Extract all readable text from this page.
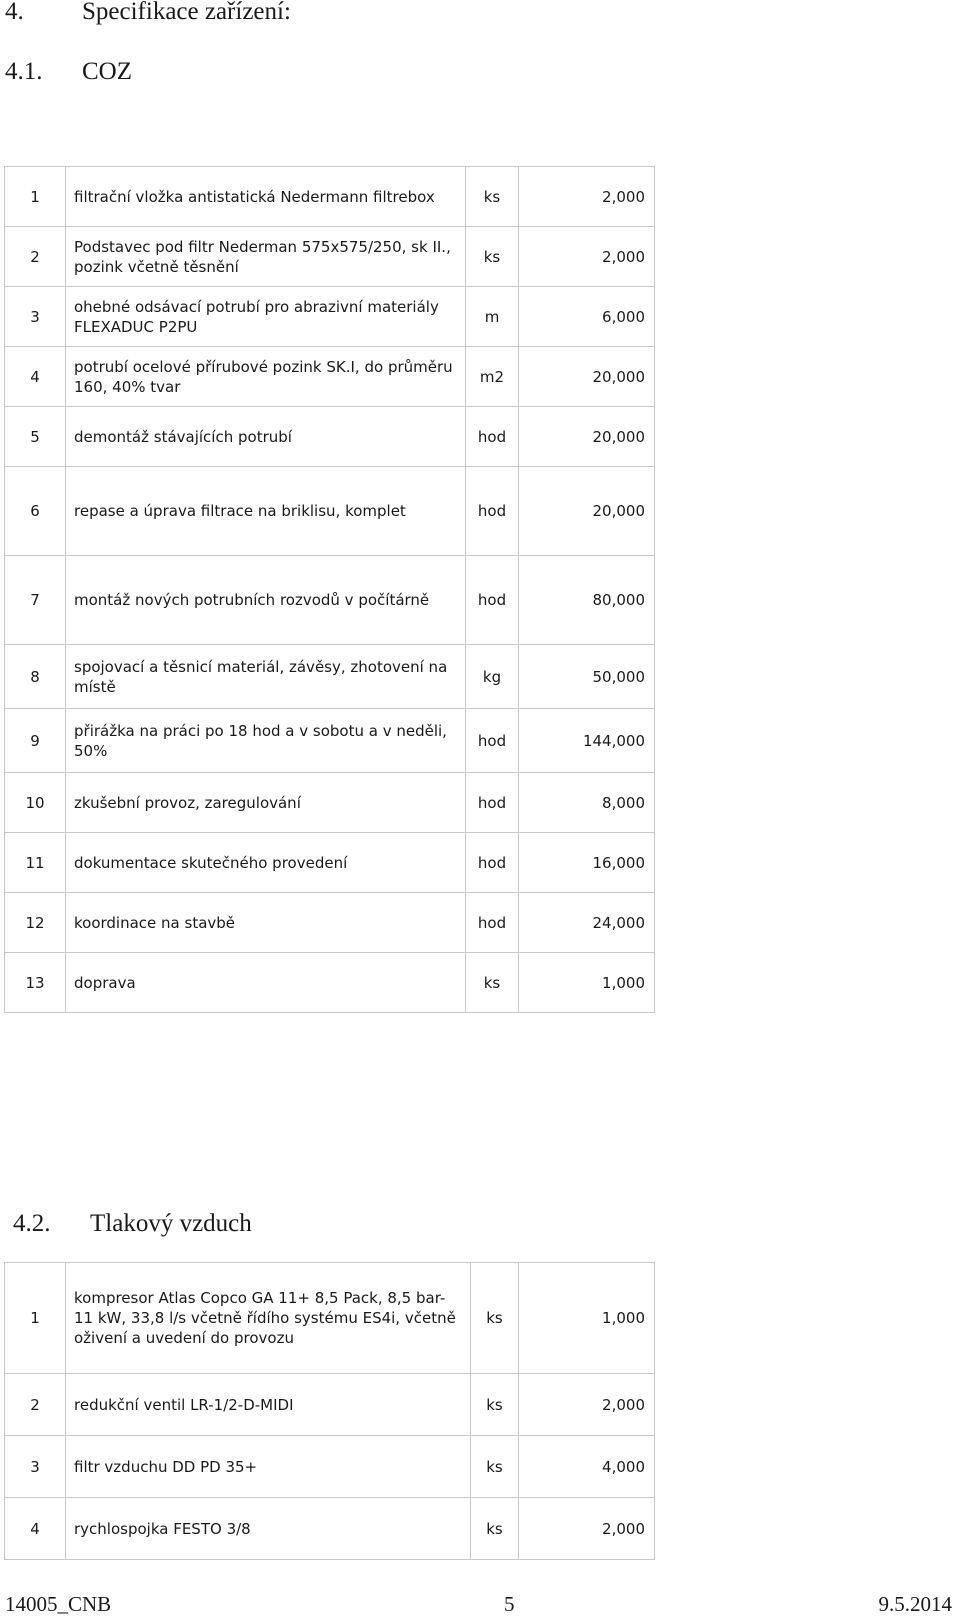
4. Specifikace zařízení:
4.1. COZ
1	filtrační vložka antistatická Nedermann filtrebox	ks	2,000
2	Podstavec pod filtr Nederman 575x575/250, sk II., pozink včetně těsnění	ks	2,000
3	ohebné odsávací potrubí pro abrazivní materiály FLEXADUC P2PU	m	6,000
4	potrubí ocelové přírubové pozink SK.I, do průměru 160, 40% tvar	m2	20,000
5	demontáž stávajících potrubí	hod	20,000
6	repase a úprava filtrace na briklisu, komplet	hod	20,000
7	montáž nových potrubních rozvodů v počítárně	hod	80,000
8	spojovací a těsnicí materiál, závěsy, zhotovení na místě	kg	50,000
9	přirážka na práci po 18 hod a v sobotu a v neděli, 50%	hod	144,000
10	zkušební provoz, zaregulování	hod	8,000
11	dokumentace skutečného provedení	hod	16,000
12	koordinace na stavbě	hod	24,000
13	doprava	ks	1,000
4.2. Tlakový vzduch
1	kompresor Atlas Copco GA 11+ 8,5 Pack, 8,5 bar-11 kW, 33,8 l/s včetně řídího systému ES4i, včetně oživení a uvedení do provozu	ks	1,000
2	redukční ventil LR-1/2-D-MIDI	ks	2,000
3	filtr vzduchu DD PD 35+	ks	4,000
4	rychlospojka FESTO 3/8	ks	2,000
14005_CNB	5	9.5.2014
